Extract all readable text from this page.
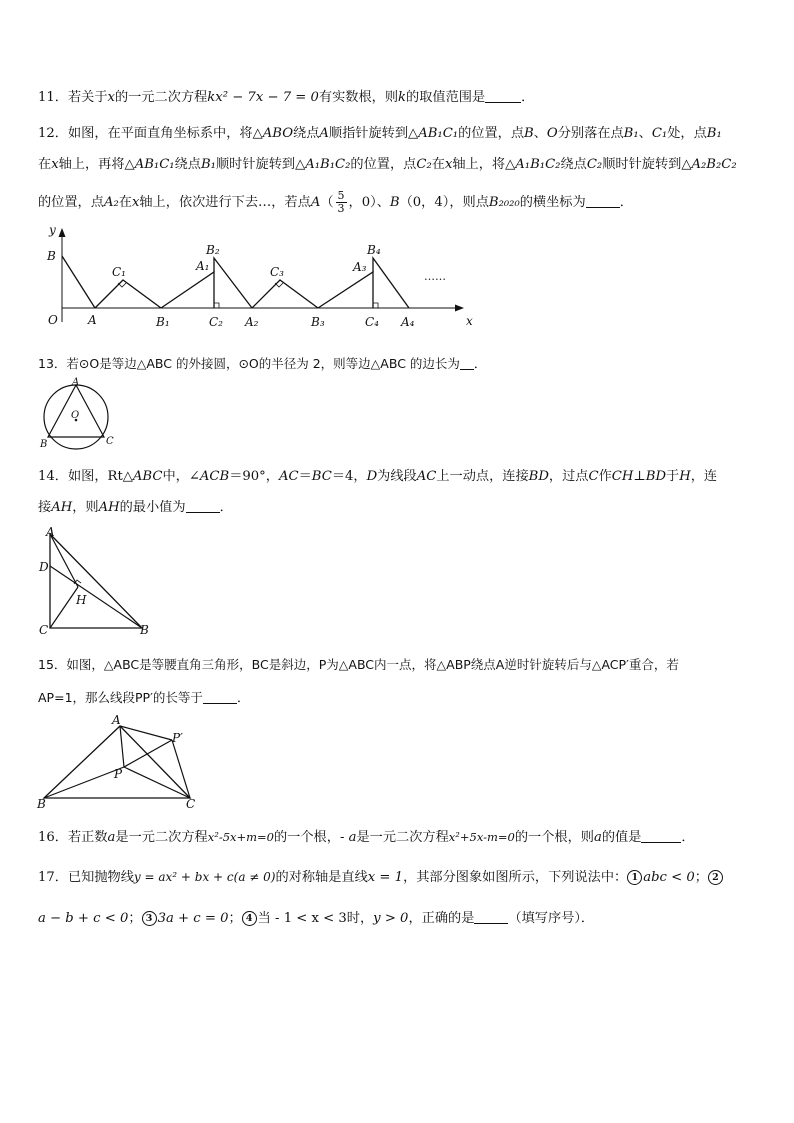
11．若关于x的一元二次方程kx² − 7x − 7 = 0有实数根，则k的取值范围是	．
12．如图，在平面直角坐标系中，将△ABO绕点A顺指针旋转到△AB₁C₁的位置，点B、O分别落在点B₁、C₁处，点B₁
在x轴上，再将△AB₁C₁绕点B₁顺时针旋转到△A₁B₁C₂的位置，点C₂在x轴上，将△A₁B₁C₂绕点C₂顺时针旋转到△A₂B₂C₂
的位置，点A₂在x轴上，依次进行下去…，若点$A( \frac{5}{3}$ ，0）、B（0，4），则点B₂₀₂₀的横坐标为	．
y
x
……
B
O	A
C₁
B₁
A₁
B₂
C₂ A₂
C₃
B₃
A₃
B₄
C₄ A₄
13．若⊙O是等边△ABC 的外接圆，⊙O的半径为 2，则等边△ABC 的边长为 ．
A
O
B	C
14．如图，Rt△ABC中，∠ACB＝90°，AC＝BC＝4，D为线段AC上一动点，连接BD，过点C作CH⊥BD于H，连
接AH，则AH的最小值为	．
A
D
H
C	B
15．如图，△ABC是等腰直角三角形，BC是斜边，P为△ABC内一点，将△ABP绕点A逆时针旋转后与△ACP′重合，若
AP=1，那么线段PP′的长等于	．
A
P′
P
B	C
16．若正数a是一元二次方程x²-5x+m=0的一个根，- a是一元二次方程x²+5x-m=0的一个根，则a的值是	．
17．已知抛物线y = ax² + bx + c(a ≠ 0)的对称轴是直线x = 1，其部分图象如图所示，下列说法中： 1 abc < 0； 2
a − b + c < 0； 3 3a + c = 0； 4 当 - 1 < x < 3时，y > 0，正确的是	（填写序号）．
